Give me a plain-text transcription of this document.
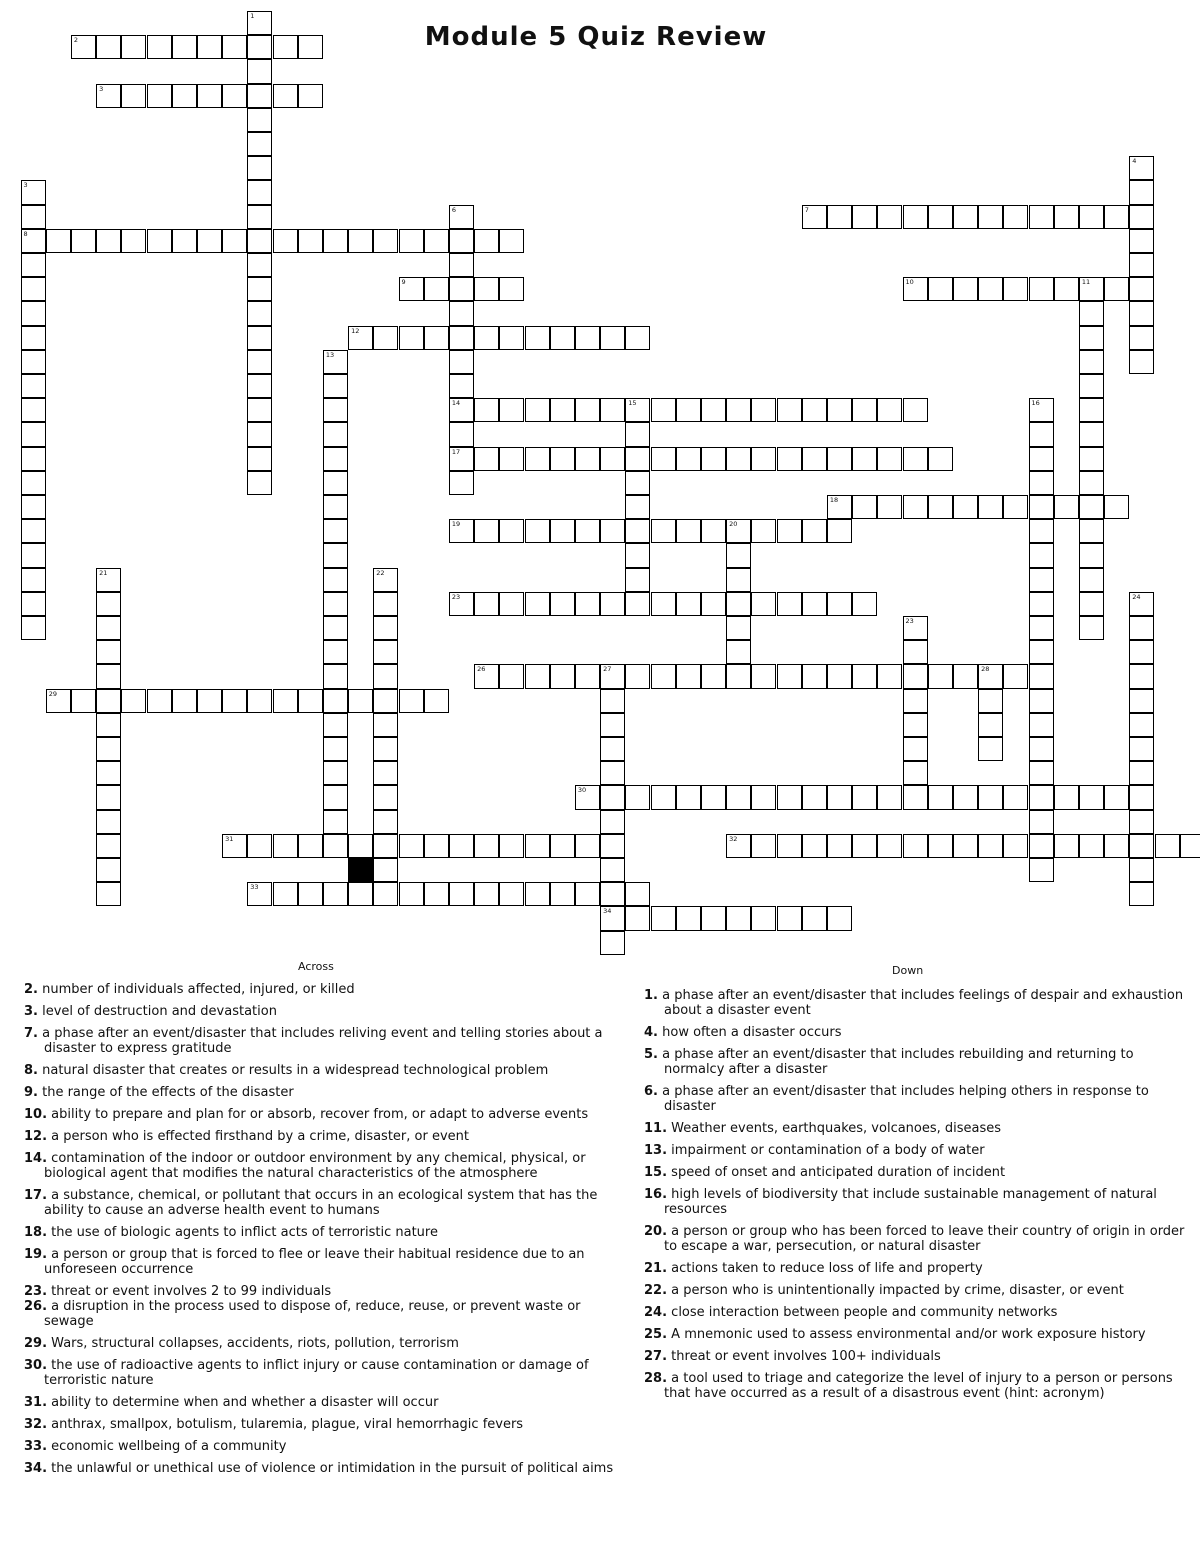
Module 5 Quiz Review
1
2
3
3
8
4
6
14
17
7
9	10	11
12
13
15	16
18
19	20
21	22
23
23
24
26	27	28
34
29
30
31	32
33
Across	Down
2. number of individuals affected, injured, or killed
3. level of destruction and devastation
7. a phase after an event/disaster that includes reliving event and telling stories about a disaster to express gratitude
8. natural disaster that creates or results in a widespread technological problem
9. the range of the effects of the disaster
10. ability to prepare and plan for or absorb, recover from, or adapt to adverse events
12. a person who is effected firsthand by a crime, disaster, or event
14. contamination of the indoor or outdoor environment by any chemical, physical, or biological agent that modifies the natural characteristics of the atmosphere
17. a substance, chemical, or pollutant that occurs in an ecological system that has the ability to cause an adverse health event to humans
18. the use of biologic agents to inflict acts of terroristic nature
19. a person or group that is forced to flee or leave their habitual residence due to an unforeseen occurrence
23. threat or event involves 2 to 99 individuals
26. a disruption in the process used to dispose of, reduce, reuse, or prevent waste or sewage
29. Wars, structural collapses, accidents, riots, pollution, terrorism
30. the use of radioactive agents to inflict injury or cause contamination or damage of terroristic nature
31. ability to determine when and whether a disaster will occur
32. anthrax, smallpox, botulism, tularemia, plague, viral hemorrhagic fevers
33. economic wellbeing of a community
34. the unlawful or unethical use of violence or intimidation in the pursuit of political aims
1. a phase after an event/disaster that includes feelings of despair and exhaustion about a disaster event
4. how often a disaster occurs
5. a phase after an event/disaster that includes rebuilding and returning to normalcy after a disaster
6. a phase after an event/disaster that includes helping others in response to disaster
11. Weather events, earthquakes, volcanoes, diseases
13. impairment or contamination of a body of water
15. speed of onset and anticipated duration of incident
16. high levels of biodiversity that include sustainable management of natural resources
20. a person or group who has been forced to leave their country of origin in order to escape a war, persecution, or natural disaster
21. actions taken to reduce loss of life and property
22. a person who is unintentionally impacted by crime, disaster, or event
24. close interaction between people and community networks
25. A mnemonic used to assess environmental and/or work exposure history
27. threat or event involves 100+ individuals
28. a tool used to triage and categorize the level of injury to a person or persons that have occurred as a result of a disastrous event (hint: acronym)
